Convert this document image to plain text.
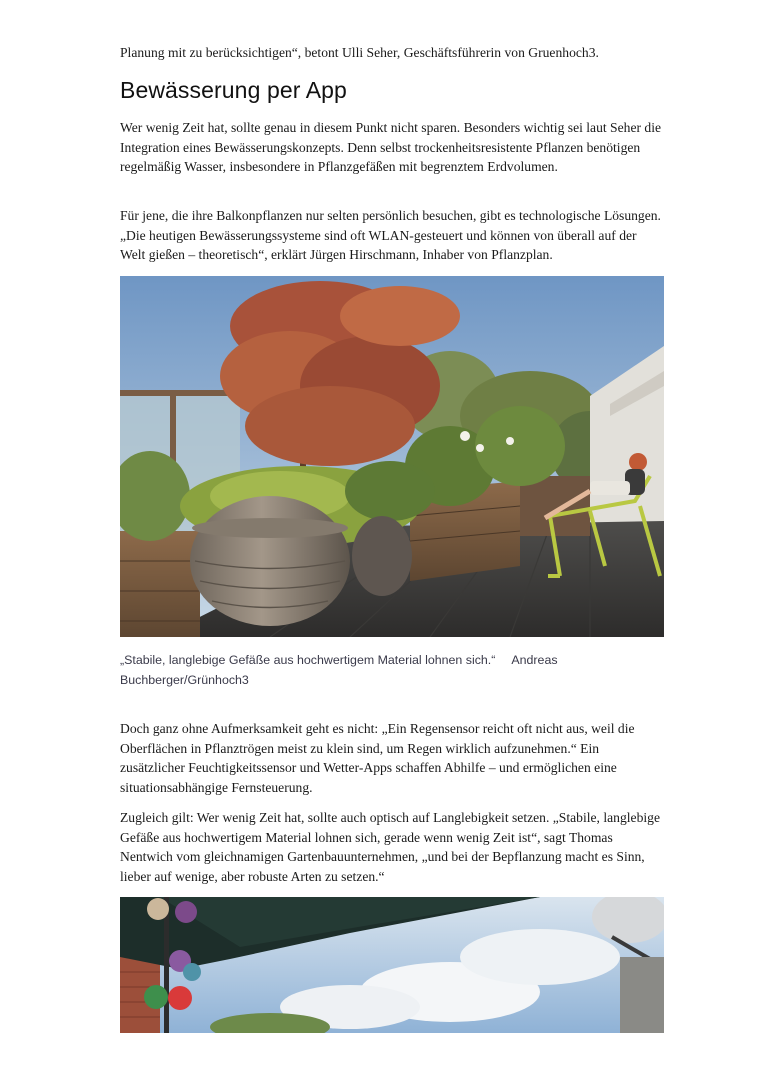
Planung mit zu berücksichtigen“, betont Ulli Seher, Geschäftsführerin von Gruenhoch3.

Bewässerung per App

Wer wenig Zeit hat, sollte genau in diesem Punkt nicht sparen. Besonders wichtig sei laut Seher die Integration eines Bewässerungskonzepts. Denn selbst trockenheitsresistente Pflanzen benötigen regelmäßig Wasser, insbesondere in Pflanzgefäßen mit begrenztem Erdvolumen.

Für jene, die ihre Balkonpflanzen nur selten persönlich besuchen, gibt es technologische Lösungen. „Die heutigen Bewässerungssysteme sind oft WLAN-gesteuert und können von überall auf der Welt gießen – theoretisch“, erklärt Jürgen Hirschmann, Inhaber von Pflanzplan.

„Stabile, langlebige Gefäße aus hochwertigem Material lohnen sich.“ Andreas Buchberger/Grünhoch3

Doch ganz ohne Aufmerksamkeit geht es nicht: „Ein Regensensor reicht oft nicht aus, weil die Oberflächen in Pflanztrögen meist zu klein sind, um Regen wirklich aufzunehmen.“ Ein zusätzlicher Feuchtigkeitssensor und Wetter-Apps schaffen Abhilfe – und ermöglichen eine situationsabhängige Fernsteuerung.

Zugleich gilt: Wer wenig Zeit hat, sollte auch optisch auf Langlebigkeit setzen. „Stabile, langlebige Gefäße aus hochwertigem Material lohnen sich, gerade wenn wenig Zeit ist“, sagt Thomas Nentwich vom gleichnamigen Gartenbauunternehmen, „und bei der Bepflanzung macht es Sinn, lieber auf wenige, aber robuste Arten zu setzen.“
